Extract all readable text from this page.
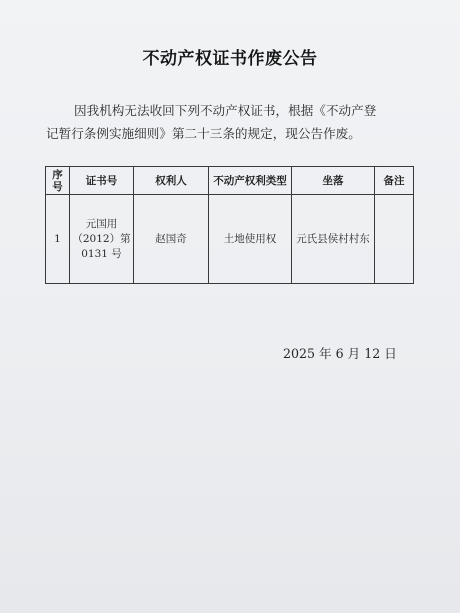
不动产权证书作废公告
因我机构无法收回下列不动产权证书，根据《不动产登
记暂行条例实施细则》第二十三条的规定，现公告作废。
序号	证书号	权利人	不动产权利类型	坐落	备注
1	元国用（2012）第0131 号	赵国奇	土地使用权	元氏县侯村村东	
2025 年 6 月 12 日
